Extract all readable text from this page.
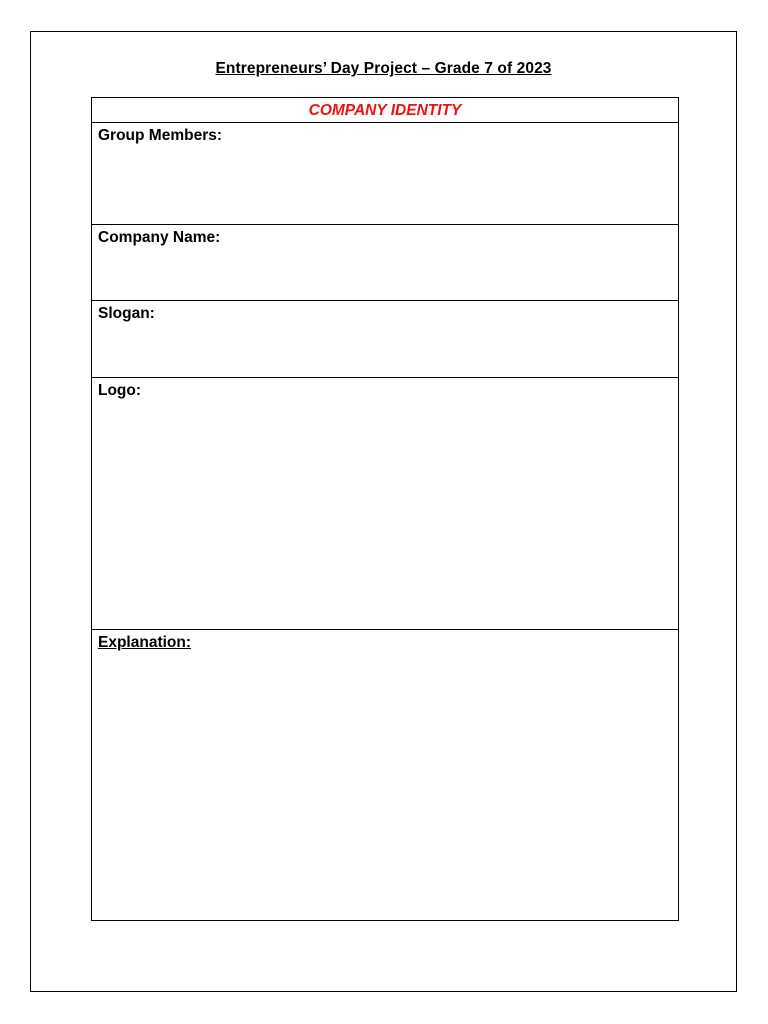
Entrepreneurs’ Day Project – Grade 7 of 2023
COMPANY IDENTITY
Group Members:
Company Name:
Slogan:
Logo:
Explanation:
